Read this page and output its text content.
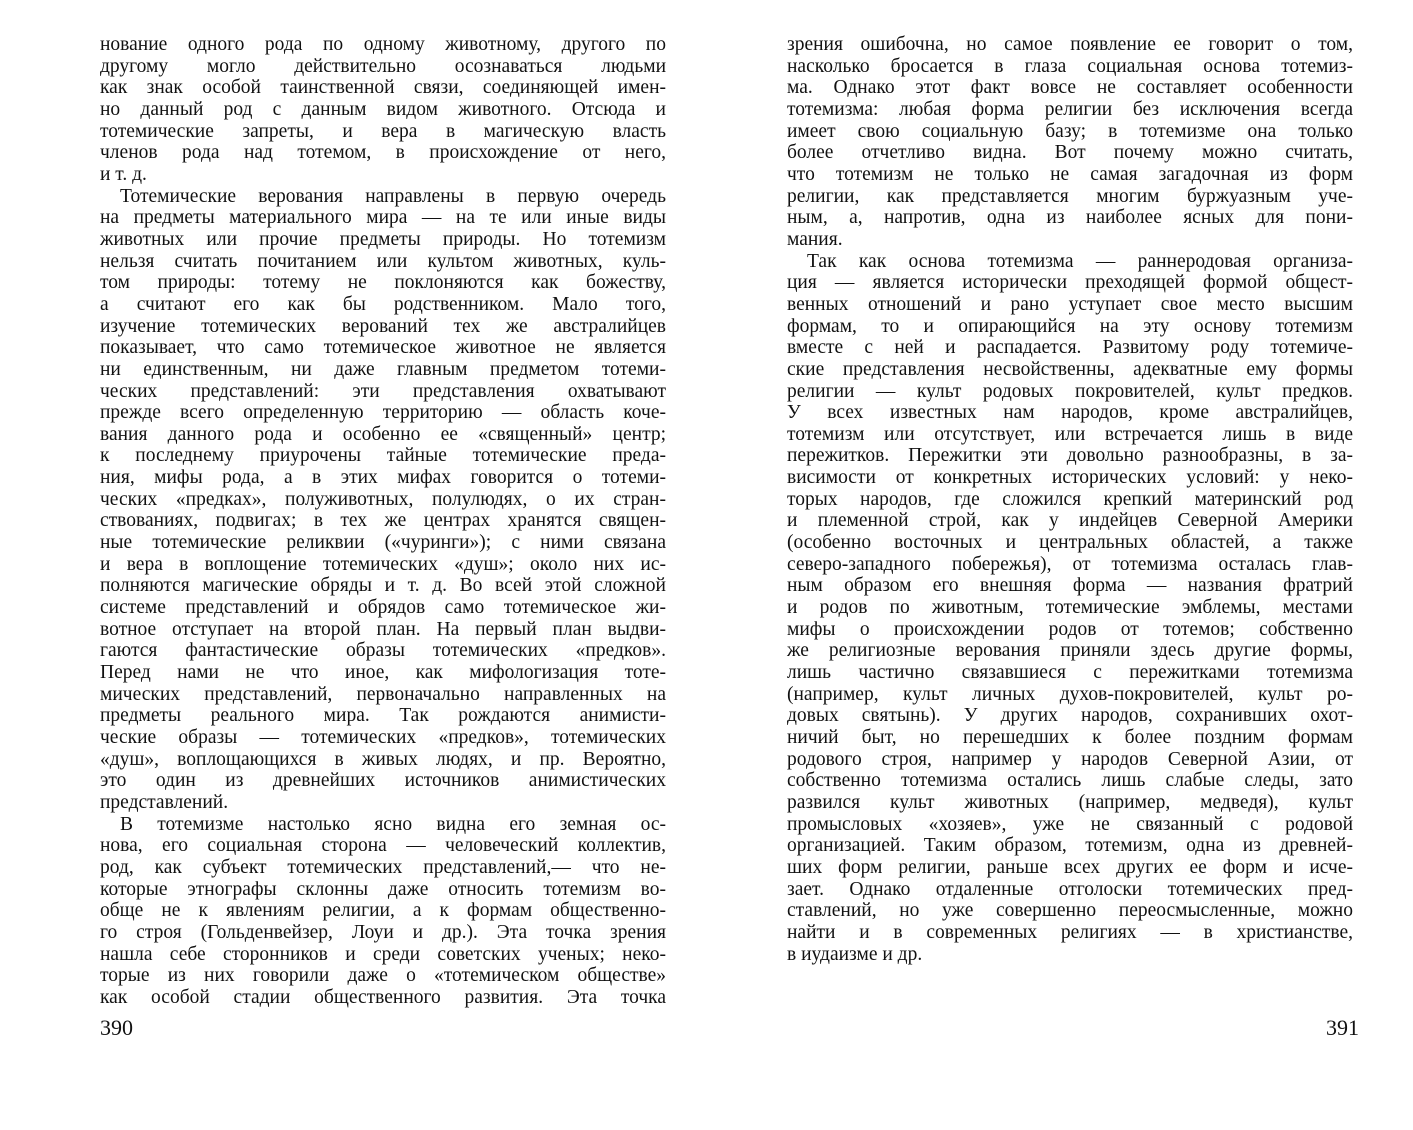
нование одного рода по одному животному, другого по
другому могло действительно осознаваться людьми
как знак особой таинственной связи, соединяющей имен-
но данный род с данным видом животного. Отсюда и
тотемические запреты, и вера в магическую власть
членов рода над тотемом, в происхождение от него,
и т. д.
Тотемические верования направлены в первую очередь
на предметы материального мира — на те или иные виды
животных или прочие предметы природы. Но тотемизм
нельзя считать почитанием или культом животных, куль-
том природы: тотему не поклоняются как божеству,
а считают его как бы родственником. Мало того,
изучение тотемических верований тех же австралийцев
показывает, что само тотемическое животное не является
ни единственным, ни даже главным предметом тотеми-
ческих представлений: эти представления охватывают
прежде всего определенную территорию — область коче-
вания данного рода и особенно ее «священный» центр;
к последнему приурочены тайные тотемические преда-
ния, мифы рода, а в этих мифах говорится о тотеми-
ческих «предках», полуживотных, полулюдях, о их стран-
ствованиях, подвигах; в тех же центрах хранятся священ-
ные тотемические реликвии («чуринги»); с ними связана
и вера в воплощение тотемических «душ»; около них ис-
полняются магические обряды и т. д. Во всей этой сложной
системе представлений и обрядов само тотемическое жи-
вотное отступает на второй план. На первый план выдви-
гаются фантастические образы тотемических «предков».
Перед нами не что иное, как мифологизация тоте-
мических представлений, первоначально направленных на
предметы реального мира. Так рождаются анимисти-
ческие образы — тотемических «предков», тотемических
«душ», воплощающихся в живых людях, и пр. Вероятно,
это один из древнейших источников анимистических
представлений.
В тотемизме настолько ясно видна его земная ос-
нова, его социальная сторона — человеческий коллектив,
род, как субъект тотемических представлений,— что не-
которые этнографы склонны даже относить тотемизм во-
обще не к явлениям религии, а к формам общественно-
го строя (Гольденвейзер, Лоуи и др.). Эта точка зрения
нашла себе сторонников и среди советских ученых; неко-
торые из них говорили даже о «тотемическом обществе»
как особой стадии общественного развития. Эта точка
зрения ошибочна, но самое появление ее говорит о том,
насколько бросается в глаза социальная основа тотемиз-
ма. Однако этот факт вовсе не составляет особенности
тотемизма: любая форма религии без исключения всегда
имеет свою социальную базу; в тотемизме она только
более отчетливо видна. Вот почему можно считать,
что тотемизм не только не самая загадочная из форм
религии, как представляется многим буржуазным уче-
ным, а, напротив, одна из наиболее ясных для пони-
мания.
Так как основа тотемизма — раннеродовая организа-
ция — является исторически преходящей формой общест-
венных отношений и рано уступает свое место высшим
формам, то и опирающийся на эту основу тотемизм
вместе с ней и распадается. Развитому роду тотемиче-
ские представления несвойственны, адекватные ему формы
религии — культ родовых покровителей, культ предков.
У всех известных нам народов, кроме австралийцев,
тотемизм или отсутствует, или встречается лишь в виде
пережитков. Пережитки эти довольно разнообразны, в за-
висимости от конкретных исторических условий: у неко-
торых народов, где сложился крепкий материнский род
и племенной строй, как у индейцев Северной Америки
(особенно восточных и центральных областей, а также
северо-западного побережья), от тотемизма осталась глав-
ным образом его внешняя форма — названия фратрий
и родов по животным, тотемические эмблемы, местами
мифы о происхождении родов от тотемов; собственно
же религиозные верования приняли здесь другие формы,
лишь частично связавшиеся с пережитками тотемизма
(например, культ личных духов-покровителей, культ ро-
довых святынь). У других народов, сохранивших охот-
ничий быт, но перешедших к более поздним формам
родового строя, например у народов Северной Азии, от
собственно тотемизма остались лишь слабые следы, зато
развился культ животных (например, медведя), культ
промысловых «хозяев», уже не связанный с родовой
организацией. Таким образом, тотемизм, одна из древней-
ших форм религии, раньше всех других ее форм и исче-
зает. Однако отдаленные отголоски тотемических пред-
ставлений, но уже совершенно переосмысленные, можно
найти и в современных религиях — в христианстве,
в иудаизме и др.
390	391
